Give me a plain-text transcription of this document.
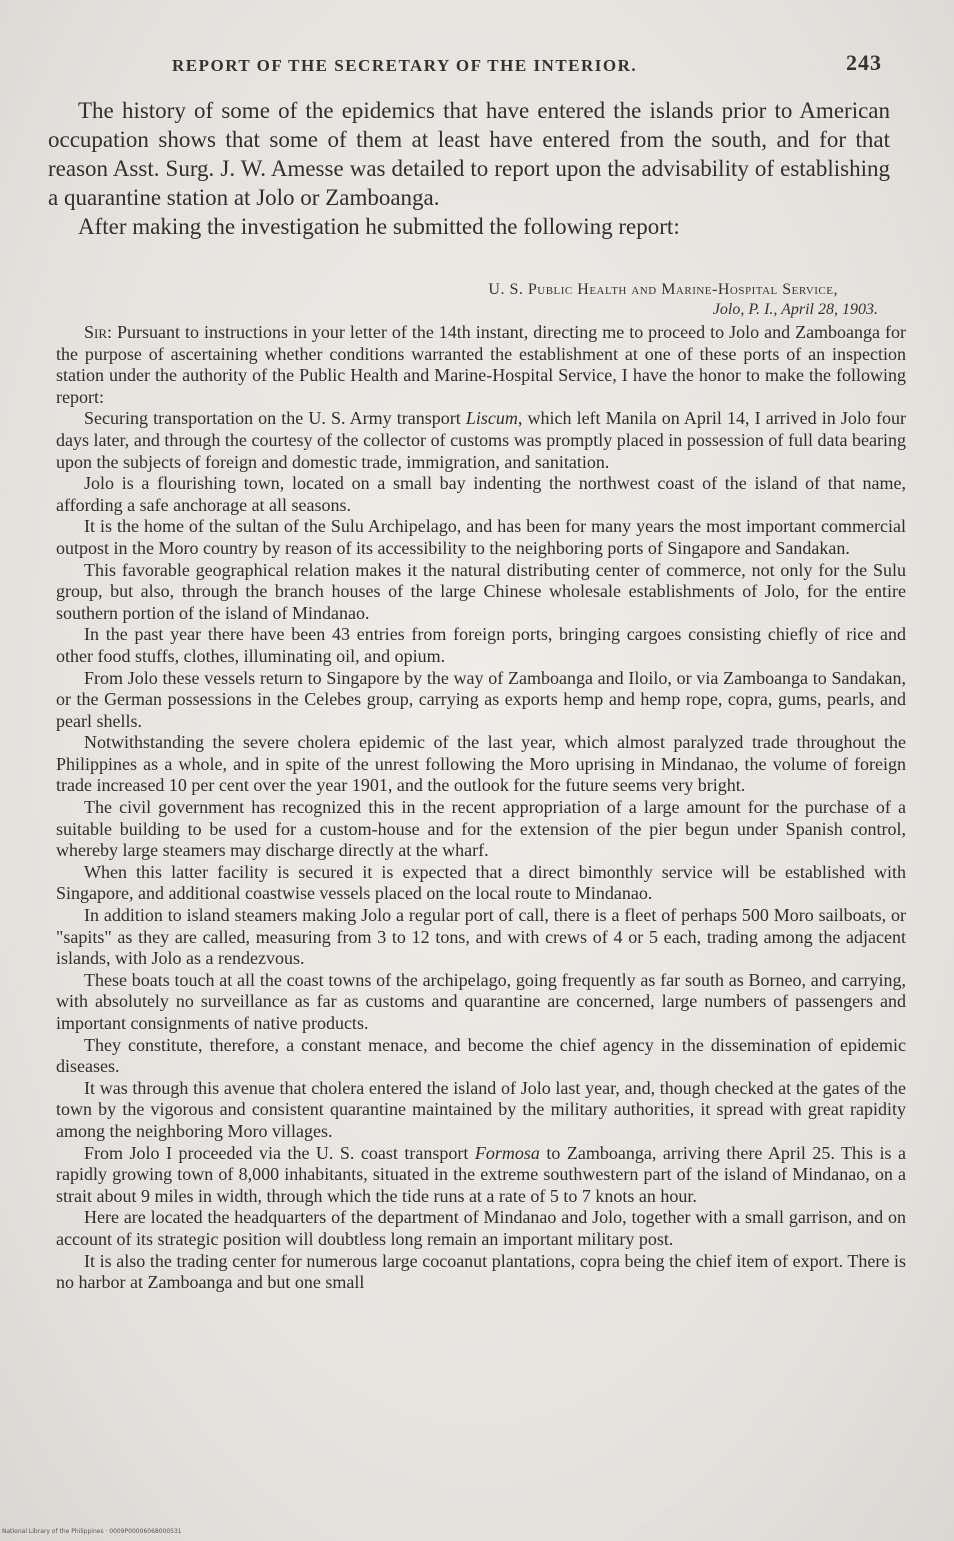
REPORT OF THE SECRETARY OF THE INTERIOR.	243

The history of some of the epidemics that have entered the islands prior to American occupation shows that some of them at least have entered from the south, and for that reason Asst. Surg. J. W. Amesse was detailed to report upon the advisability of establishing a quarantine station at Jolo or Zamboanga.

After making the investigation he submitted the following report:

U. S. Public Health and Marine-Hospital Service,
Jolo, P. I., April 28, 1903.

Sir: Pursuant to instructions in your letter of the 14th instant, directing me to proceed to Jolo and Zamboanga for the purpose of ascertaining whether conditions warranted the establishment at one of these ports of an inspection station under the authority of the Public Health and Marine-Hospital Service, I have the honor to make the following report:

Securing transportation on the U. S. Army transport Liscum, which left Manila on April 14, I arrived in Jolo four days later, and through the courtesy of the collector of customs was promptly placed in possession of full data bearing upon the subjects of foreign and domestic trade, immigration, and sanitation.

Jolo is a flourishing town, located on a small bay indenting the northwest coast of the island of that name, affording a safe anchorage at all seasons.

It is the home of the sultan of the Sulu Archipelago, and has been for many years the most important commercial outpost in the Moro country by reason of its accessibility to the neighboring ports of Singapore and Sandakan.

This favorable geographical relation makes it the natural distributing center of commerce, not only for the Sulu group, but also, through the branch houses of the large Chinese wholesale establishments of Jolo, for the entire southern portion of the island of Mindanao.

In the past year there have been 43 entries from foreign ports, bringing cargoes consisting chiefly of rice and other food stuffs, clothes, illuminating oil, and opium.

From Jolo these vessels return to Singapore by the way of Zamboanga and Iloilo, or via Zamboanga to Sandakan, or the German possessions in the Celebes group, carrying as exports hemp and hemp rope, copra, gums, pearls, and pearl shells.

Notwithstanding the severe cholera epidemic of the last year, which almost paralyzed trade throughout the Philippines as a whole, and in spite of the unrest following the Moro uprising in Mindanao, the volume of foreign trade increased 10 per cent over the year 1901, and the outlook for the future seems very bright.

The civil government has recognized this in the recent appropriation of a large amount for the purchase of a suitable building to be used for a custom-house and for the extension of the pier begun under Spanish control, whereby large steamers may discharge directly at the wharf.

When this latter facility is secured it is expected that a direct bimonthly service will be established with Singapore, and additional coastwise vessels placed on the local route to Mindanao.

In addition to island steamers making Jolo a regular port of call, there is a fleet of perhaps 500 Moro sailboats, or "sapits" as they are called, measuring from 3 to 12 tons, and with crews of 4 or 5 each, trading among the adjacent islands, with Jolo as a rendezvous.

These boats touch at all the coast towns of the archipelago, going frequently as far south as Borneo, and carrying, with absolutely no surveillance as far as customs and quarantine are concerned, large numbers of passengers and important consignments of native products.

They constitute, therefore, a constant menace, and become the chief agency in the dissemination of epidemic diseases.

It was through this avenue that cholera entered the island of Jolo last year, and, though checked at the gates of the town by the vigorous and consistent quarantine maintained by the military authorities, it spread with great rapidity among the neighboring Moro villages.

From Jolo I proceeded via the U. S. coast transport Formosa to Zamboanga, arriving there April 25. This is a rapidly growing town of 8,000 inhabitants, situated in the extreme southwestern part of the island of Mindanao, on a strait about 9 miles in width, through which the tide runs at a rate of 5 to 7 knots an hour.

Here are located the headquarters of the department of Mindanao and Jolo, together with a small garrison, and on account of its strategic position will doubtless long remain an important military post.

It is also the trading center for numerous large cocoanut plantations, copra being the chief item of export. There is no harbor at Zamboanga and but one small

National Library of the Philippines · 0009P00006068000531
